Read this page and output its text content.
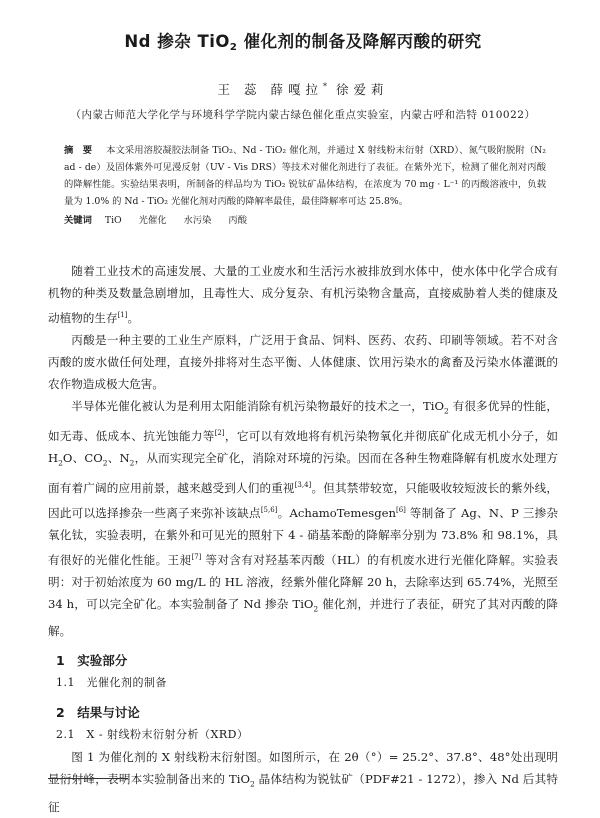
Nd 掺杂 TiO$_2$ 催化剂的制备及降解丙酸的研究
王 蕊 薛嘎拉* 徐爱莉
（内蒙古师范大学化学与环境科学学院内蒙古绿色催化重点实验室，内蒙古呼和浩特 010022）
摘　要 本文采用溶胶凝胶法制备 TiO₂、Nd - TiO₂ 催化剂，并通过 X 射线粉末衍射（XRD）、氮气吸附脱附（N₂ ad - de）及固体紫外可见漫反射（UV - Vis DRS）等技术对催化剂进行了表征。在紫外光下，检测了催化剂对丙酸的降解性能。实验结果表明，所制备的样品均为 TiO₂ 锐钛矿晶体结构，在浓度为 70 mg · L⁻¹ 的丙酸溶液中，负载量为 1.0% 的 Nd - TiO₂ 光催化剂对丙酸的降解率最佳，最佳降解率可达 25.8%。
关键词 TiO 光催化 水污染 丙酸

随着工业技术的高速发展、大量的工业废水和生活污水被排放到水体中，使水体中化学合成有机物的种类及数量急剧增加，且毒性大、成分复杂、有机污染物含量高，直接威胁着人类的健康及动植物的生存[1]。

丙酸是一种主要的工业生产原料，广泛用于食品、饲料、医药、农药、印刷等领域。若不对含丙酸的废水做任何处理，直接外排将对生态平衡、人体健康、饮用污染水的禽畜及污染水体灌溉的农作物造成极大危害。

半导体光催化被认为是利用太阳能消除有机污染物最好的技术之一，TiO$_2$ 有很多优异的性能，如无毒、低成本、抗光蚀能力等[2]，它可以有效地将有机污染物氧化并彻底矿化成无机小分子，如 $H_2O$、$CO_2$、$N_2$，从而实现完全矿化，消除对环境的污染。因而在各种生物难降解有机废水处理方面有着广阔的应用前景，越来越受到人们的重视[3,4]。但其禁带较宽，只能吸收较短波长的紫外线，因此可以选择掺杂一些离子来弥补该缺点[5,6]。AchamoTemesgen[6] 等制备了 Ag、N、P 三掺杂氧化钛，实验表明，在紫外和可见光的照射下 4 - 硝基苯酚的降解率分别为 73.8% 和 98.1%，具有很好的光催化性能。王昶[7] 等对含有对羟基苯丙酸（HL）的有机废水进行光催化降解。实验表明：对于初始浓度为 60 mg/L 的 HL 溶液，经紫外催化降解 20 h，去除率达到 65.74%，光照至 34 h，可以完全矿化。本实验制备了 Nd 掺杂 TiO$_2$ 催化剂，并进行了表征，研究了其对丙酸的降解。

1　实验部分
1.1　光催化剂的制备
2　结果与讨论
2.1　X - 射线粉末衍射分析（XRD）

图 1 为催化剂的 X 射线粉末衍射图。如图所示，在 2θ（°）= 25.2°、37.8°、48°处出现明显衍射峰，表明本实验制备出来的 TiO$_2$ 晶体结构为锐钛矿（PDF#21 - 1272），掺入 Nd 后其特征
